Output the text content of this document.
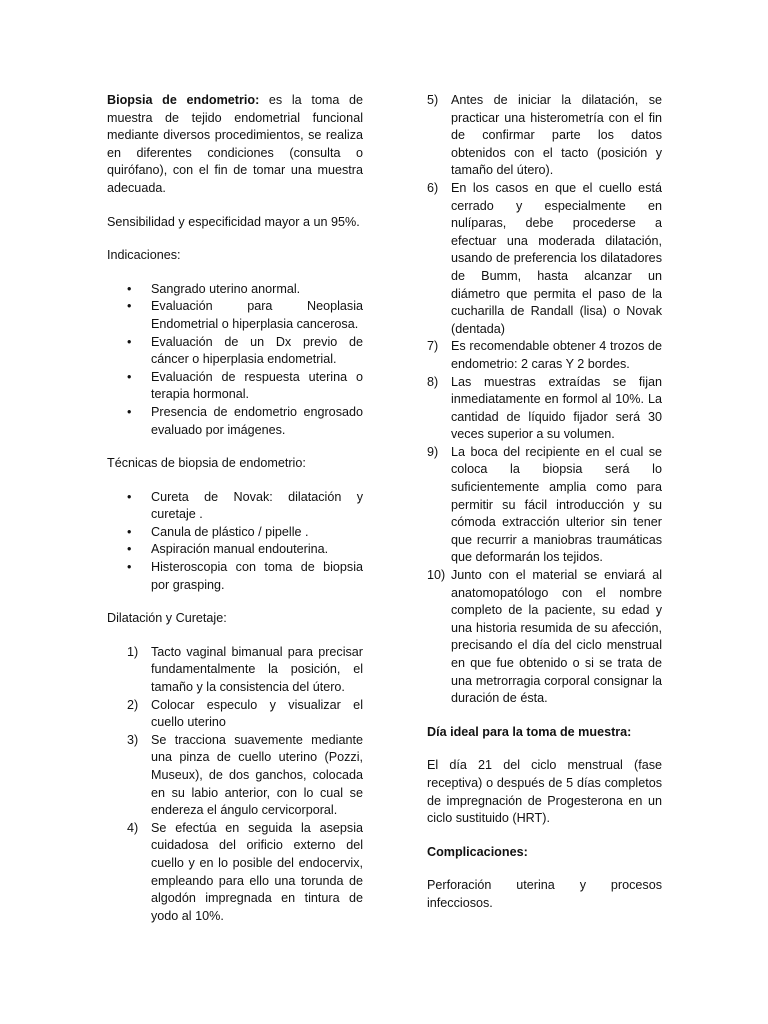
Biopsia de endometrio: es la toma de muestra de tejido endometrial funcional mediante diversos procedimientos, se realiza en diferentes condiciones (consulta o quirófano), con el fin de tomar una muestra adecuada.

Sensibilidad y especificidad mayor a un 95%.

Indicaciones:

• Sangrado uterino anormal.
• Evaluación para Neoplasia Endometrial o hiperplasia cancerosa.
• Evaluación de un Dx previo de cáncer o hiperplasia endometrial.
• Evaluación de respuesta uterina o terapia hormonal.
• Presencia de endometrio engrosado evaluado por imágenes.

Técnicas de biopsia de endometrio:

• Cureta de Novak: dilatación y curetaje .
• Canula de plástico / pipelle .
• Aspiración manual endouterina.
• Histeroscopia con toma de biopsia por grasping.

Dilatación y Curetaje:

1) Tacto vaginal bimanual para precisar fundamentalmente la posición, el tamaño y la consistencia del útero.
2) Colocar especulo y visualizar el cuello uterino
3) Se tracciona suavemente mediante una pinza de cuello uterino (Pozzi, Museux), de dos ganchos, colocada en su labio anterior, con lo cual se endereza el ángulo cervicorporal.
4) Se efectúa en seguida la asepsia cuidadosa del orificio externo del cuello y en lo posible del endocervix, empleando para ello una torunda de algodón impregnada en tintura de yodo al 10%.
5) Antes de iniciar la dilatación, se practicar una histerometría con el fin de confirmar parte los datos obtenidos con el tacto (posición y tamaño del útero).
6) En los casos en que el cuello está cerrado y especialmente en nulíparas, debe procederse a efectuar una moderada dilatación, usando de preferencia los dilatadores de Bumm, hasta alcanzar un diámetro que permita el paso de la cucharilla de Randall (lisa) o Novak (dentada)
7) Es recomendable obtener 4 trozos de endometrio: 2 caras Y 2 bordes.
8) Las muestras extraídas se fijan inmediatamente en formol al 10%. La cantidad de líquido fijador será 30 veces superior a su volumen.
9) La boca del recipiente en el cual se coloca la biopsia será lo suficientemente amplia como para permitir su fácil introducción y su cómoda extracción ulterior sin tener que recurrir a maniobras traumáticas que deformarán los tejidos.
10) Junto con el material se enviará al anatomopatólogo con el nombre completo de la paciente, su edad y una historia resumida de su afección, precisando el día del ciclo menstrual en que fue obtenido o si se trata de una metrorragia corporal consignar la duración de ésta.

Día ideal para la toma de muestra:

El día 21 del ciclo menstrual (fase receptiva) o después de 5 días completos de impregnación de Progesterona en un ciclo sustituido (HRT).

Complicaciones:

Perforación uterina y procesos infecciosos.
